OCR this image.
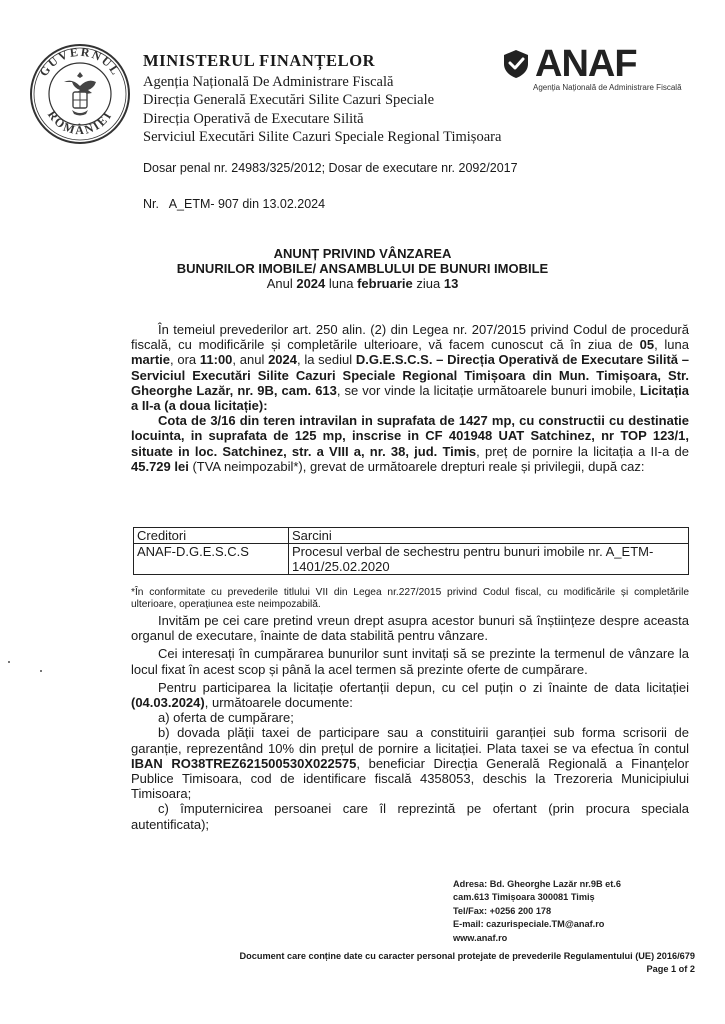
GUVERNUL
ROMÂNIEI
MINISTERUL FINANȚELOR
Agenția Națională De Administrare Fiscală
Direcția Generală Executări Silite Cazuri Speciale
Direcția Operativă de Executare Silită
Serviciul Executări Silite Cazuri Speciale Regional Timișoara
ANAF
Agenția Națională de Administrare Fiscală
Dosar penal nr. 24983/325/2012; Dosar de executare nr. 2092/2017
Nr.   A_ETM- 907 din 13.02.2024
ANUNȚ PRIVIND VÂNZAREA
BUNURILOR IMOBILE/ ANSAMBLULUI DE BUNURI IMOBILE
Anul 2024 luna februarie ziua 13

În temeiul prevederilor art. 250 alin. (2) din Legea nr. 207/2015 privind Codul de procedură fiscală, cu modificările și completările ulterioare, vă facem cunoscut că în ziua de 05, luna martie, ora 11:00, anul 2024, la sediul D.G.E.S.C.S. – Direcția Operativă de Executare Silită – Serviciul Executări Silite Cazuri Speciale Regional Timișoara din Mun. Timișoara, Str. Gheorghe Lazăr, nr. 9B, cam. 613, se vor vinde la licitație următoarele bunuri imobile, Licitația a II-a (a doua licitație):

Cota de 3/16 din teren intravilan in suprafata de 1427 mp, cu constructii cu destinatie locuinta, in suprafata de 125 mp, inscrise in CF 401948 UAT Satchinez, nr TOP 123/1, situate in loc. Satchinez, str. a VIII a, nr. 38, jud. Timis, preț de pornire la licitația a II-a de 45.729 lei (TVA neimpozabil*), grevat de următoarele drepturi reale și privilegii, după caz:

Creditori	Sarcini
ANAF-D.G.E.S.C.S	Procesul verbal de sechestru pentru bunuri imobile nr. A_ETM-1401/25.02.2020

*În conformitate cu prevederile titlului VII din Legea nr.227/2015 privind Codul fiscal, cu modificările și completările ulterioare, operațiunea este neimpozabilă.

Invităm pe cei care pretind vreun drept asupra acestor bunuri să înștiințeze despre aceasta organul de executare, înainte de data stabilită pentru vânzare.

Cei interesați în cumpărarea bunurilor sunt invitați să se prezinte la termenul de vânzare la locul fixat în acest scop și până la acel termen să prezinte oferte de cumpărare.

Pentru participarea la licitație ofertanții depun, cu cel puțin o zi înainte de data licitației (04.03.2024), următoarele documente:

a) oferta de cumpărare;

b) dovada plății taxei de participare sau a constituirii garanției sub forma scrisorii de garanție, reprezentând 10% din prețul de pornire a licitației. Plata taxei se va efectua în contul IBAN RO38TREZ621500530X022575, beneficiar Direcția Generală Regională a Finanțelor Publice Timisoara, cod de identificare fiscală 4358053, deschis la Trezoreria Municipiului Timisoara;

c) împuternicirea persoanei care îl reprezintă pe ofertant (prin procura speciala autentificata);

Adresa: Bd. Gheorghe Lazăr nr.9B et.6
cam.613 Timișoara 300081 Timiș
Tel/Fax: +0256 200 178
E-mail: cazurispeciale.TM@anaf.ro
www.anaf.ro
Document care conține date cu caracter personal protejate de prevederile Regulamentului (UE) 2016/679
Page 1 of 2
